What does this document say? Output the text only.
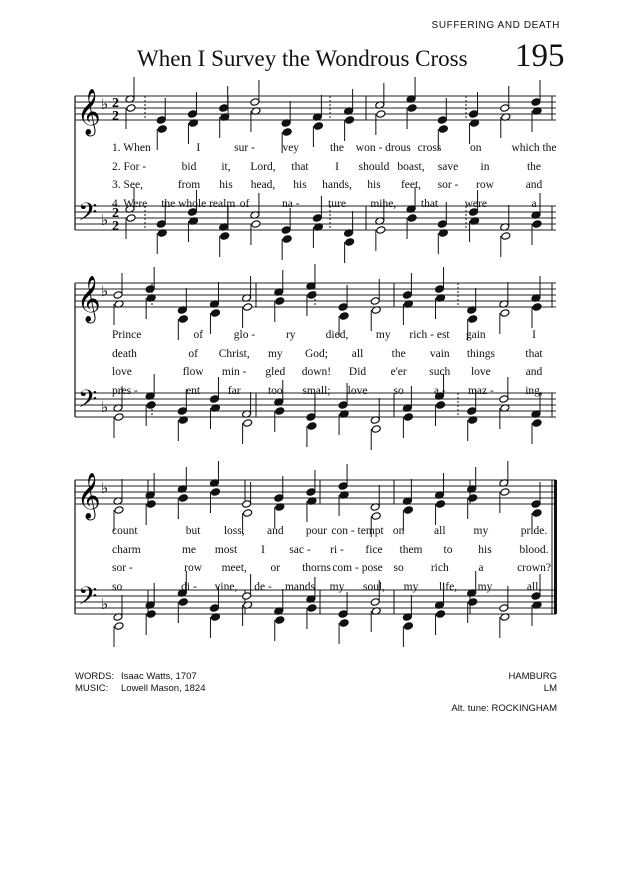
SUFFERING AND DEATH
When I Survey the Wondrous Cross 195
𝄞
𝄢
♭
♭
2
2
2
2
𝄞
𝄢
♭
♭
𝄞
𝄢
♭
♭
1. When	I	sur - vey	the won - drous cross on	which the
2. For -	bid it, Lord, that I should boast, save in	the
3. See,	from his head, his hands, his feet, sor - row	and
4. Were the whole realm of	na - ture mine, that were	a
Prince	of	glo -	ry	died, my rich - est gain	I
death	of Christ, my God; all the vain things	that
love	flow min - gled down! Did e'er such love	and
pres -	ent far too small; love so	a - maz -	ing,
count	but loss, and pour con - tempt on	all my	pride.
charm	me most I sac - ri - fice them to his blood.
sor -	row meet, or thorns com - pose so rich	a	crown?
so	di - vine, de - mands my soul, my life, my	all.
WORDS: Isaac Watts, 1707
MUSIC: Lowell Mason, 1824
HAMBURG
LM
Alt. tune: ROCKINGHAM
